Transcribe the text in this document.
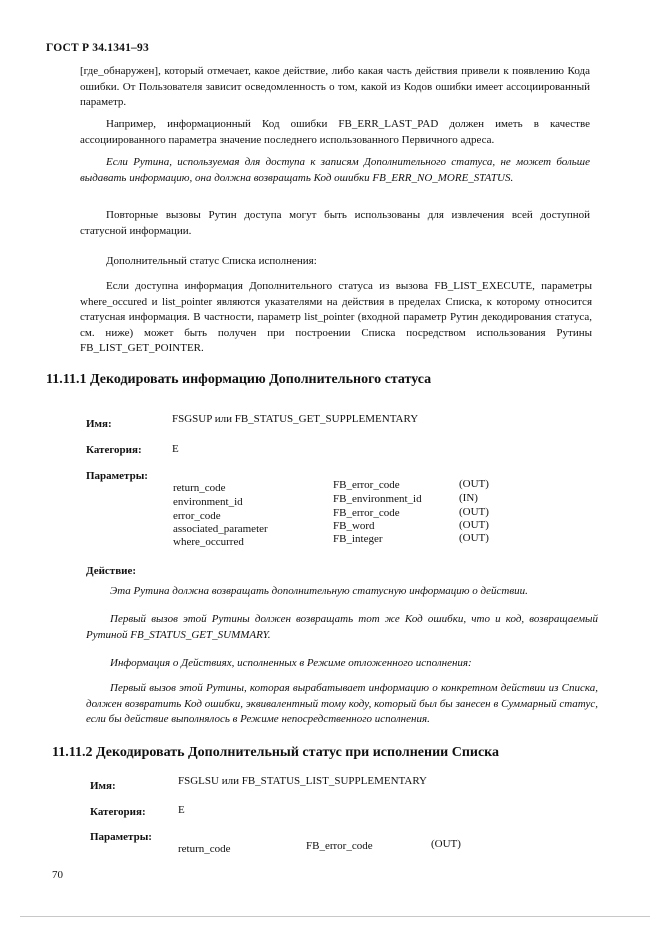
ГОСТ Р 34.1341–93
[где_обнаружен], который отмечает, какое действие, либо какая часть действия привели к появлению Кода ошибки. От Пользователя зависит осведомленность о том, какой из Кодов ошибки имеет ассоциированный параметр.
Например, информационный Код ошибки FB_ERR_LAST_PAD должен иметь в качестве ассоциированного параметра значение последнего использованного Первичного адреса.
Если Рутина, используемая для доступа к записям Дополнительного статуса, не может больше выдавать информацию, она должна возвращать Код ошибки FB_ERR_NO_MORE_STATUS.
Повторные вызовы Рутин доступа могут быть использованы для извлечения всей доступной статусной информации.
Дополнительный статус Списка исполнения:
Если доступна информация Дополнительного статуса из вызова FB_LIST_EXECUTE, параметры where_occured и list_pointer являются указателями на действия в пределах Списка, к которому относится статусная информация. В частности, параметр list_pointer (входной параметр Рутин декодирования статуса, см. ниже) может быть получен при построении Списка посредством использования Рутины FB_LIST_GET_POINTER.
11.11.1 Декодировать информацию Дополнительного статуса
Имя:	FSGSUP или FB_STATUS_GET_SUPPLEMENTARY
Категория:	E
Параметры:
return_code	FB_error_code	(OUT)
environment_id	FB_environment_id	(IN)
error_code	FB_error_code	(OUT)
associated_parameter	FB_word	(OUT)
where_occurred	FB_integer	(OUT)
Действие:
Эта Рутина должна возвращать дополнительную статусную информацию о действии.
Первый вызов этой Рутины должен возвращать тот же Код ошибки, что и код, возвращаемый Рутиной FB_STATUS_GET_SUMMARY.
Информация о Действиях, исполненных в Режиме отложенного исполнения:
Первый вызов этой Рутины, которая вырабатывает информацию о конкретном действии из Списка, должен возвратить Код ошибки, эквивалентный тому коду, который был бы занесен в Суммарный статус, если бы действие выполнялось в Режиме непосредственного исполнения.
11.11.2 Декодировать Дополнительный статус при исполнении Списка
Имя:	FSGLSU или FB_STATUS_LIST_SUPPLEMENTARY
Категория:	E
Параметры:
return_code	FB_error_code	(OUT)
70
